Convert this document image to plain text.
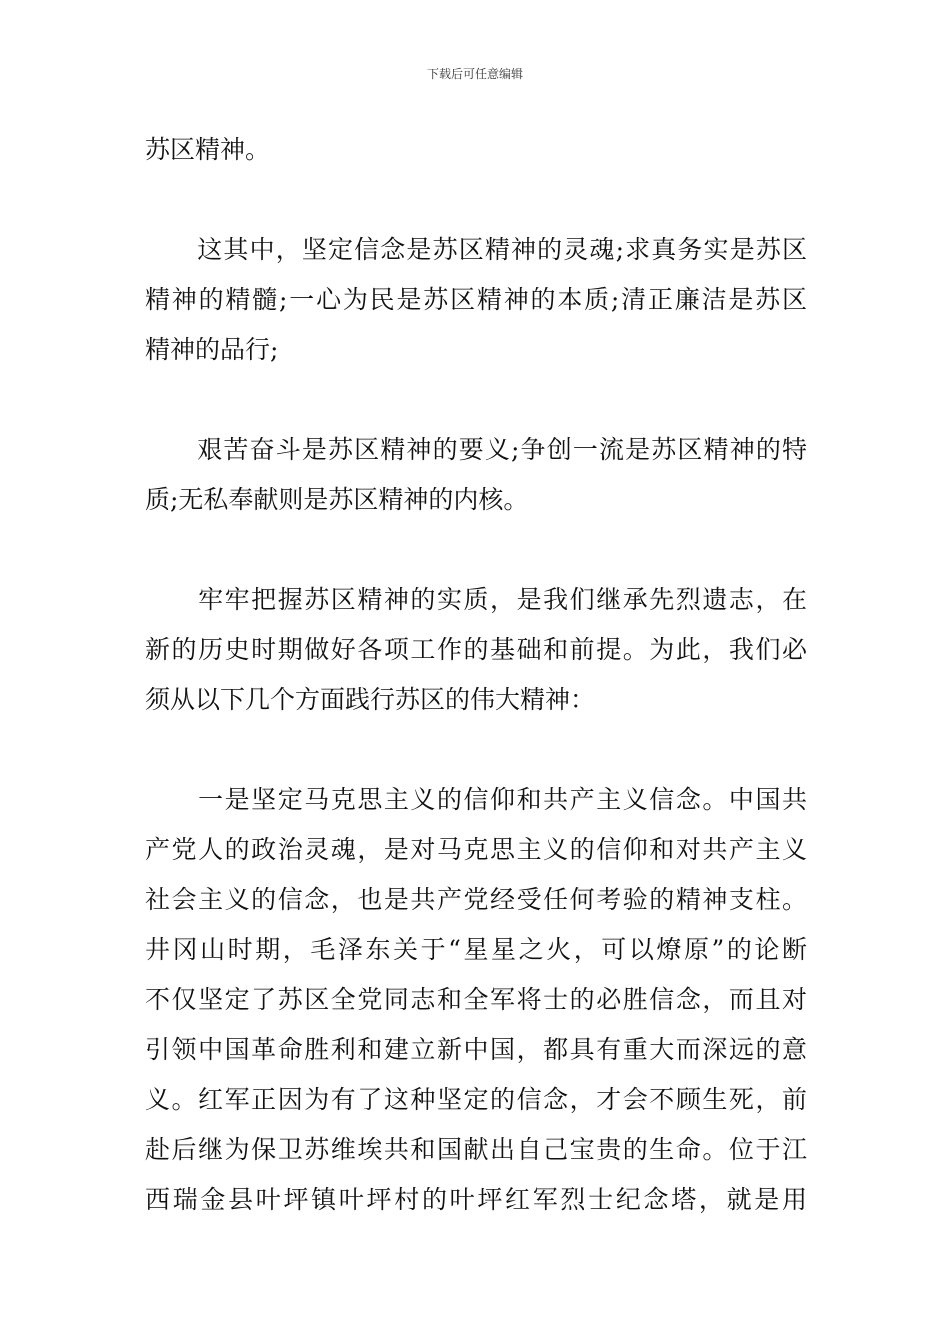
下载后可任意编辑
苏区精神。
　　这其中，坚定信念是苏区精神的灵魂;求真务实是苏区
精神的精髓;一心为民是苏区精神的本质;清正廉洁是苏区
精神的品行;
　　艰苦奋斗是苏区精神的要义;争创一流是苏区精神的特
质;无私奉献则是苏区精神的内核。
　　牢牢把握苏区精神的实质，是我们继承先烈遗志，在
新的历史时期做好各项工作的基础和前提。为此，我们必
须从以下几个方面践行苏区的伟大精神：
　　一是坚定马克思主义的信仰和共产主义信念。中国共
产党人的政治灵魂，是对马克思主义的信仰和对共产主义
社会主义的信念，也是共产党经受任何考验的精神支柱。
井冈山时期，毛泽东关于“星星之火，可以燎原”的论断
不仅坚定了苏区全党同志和全军将士的必胜信念，而且对
引领中国革命胜利和建立新中国，都具有重大而深远的意
义。红军正因为有了这种坚定的信念，才会不顾生死，前
赴后继为保卫苏维埃共和国献出自己宝贵的生命。位于江
西瑞金县叶坪镇叶坪村的叶坪红军烈士纪念塔，就是用
